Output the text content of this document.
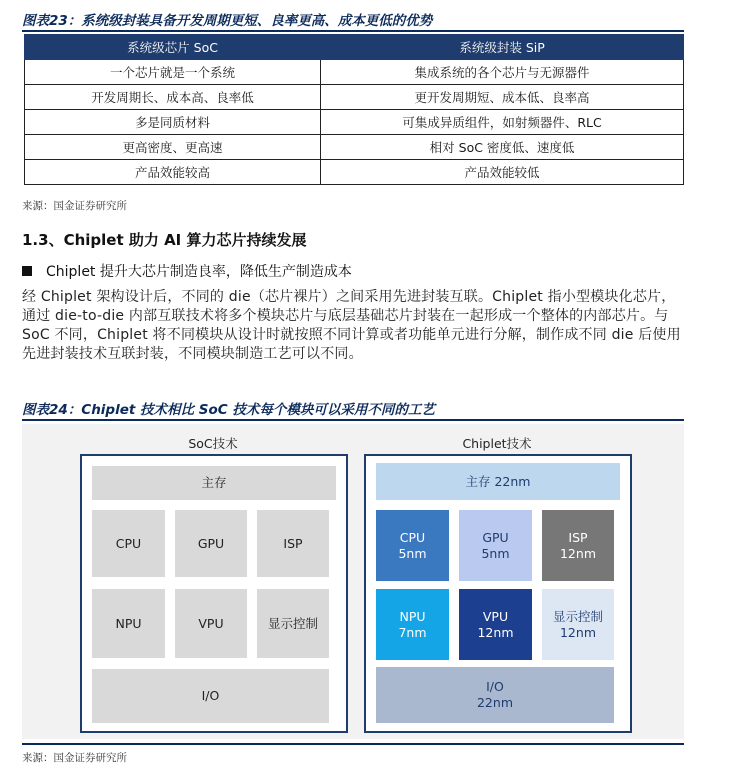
图表23：系统级封装具备开发周期更短、良率更高、成本更低的优势
系统级芯片 SoC	系统级封装 SiP
一个芯片就是一个系统	集成系统的各个芯片与无源器件
开发周期长、成本高、良率低	更开发周期短、成本低、良率高
多是同质材料	可集成异质组件，如射频器件、RLC
更高密度、更高速	相对 SoC 密度低、速度低
产品效能较高	产品效能较低
来源：国金证券研究所
1.3、Chiplet 助力 AI 算力芯片持续发展
Chiplet 提升大芯片制造良率，降低生产制造成本
经 Chiplet 架构设计后，不同的 die（芯片裸片）之间采用先进封装互联。Chiplet 指小型模块化芯片，通过 die-to-die 内部互联技术将多个模块芯片与底层基础芯片封装在一起形成一个整体的内部芯片。与 SoC 不同，Chiplet 将不同模块从设计时就按照不同计算或者功能单元进行分解，制作成不同 die 后使用先进封装技术互联封装，不同模块制造工艺可以不同。
图表24：Chiplet 技术相比 SoC 技术每个模块可以采用不同的工艺
SoC技术
主存
CPU	GPU	ISP
NPU	VPU	显示控制
I/O
Chiplet技术
主存 22nm
CPU
5nm
GPU
5nm
ISP
12nm
NPU
7nm
VPU
12nm
显示控制
12nm
I/O
22nm
来源：国金证券研究所
